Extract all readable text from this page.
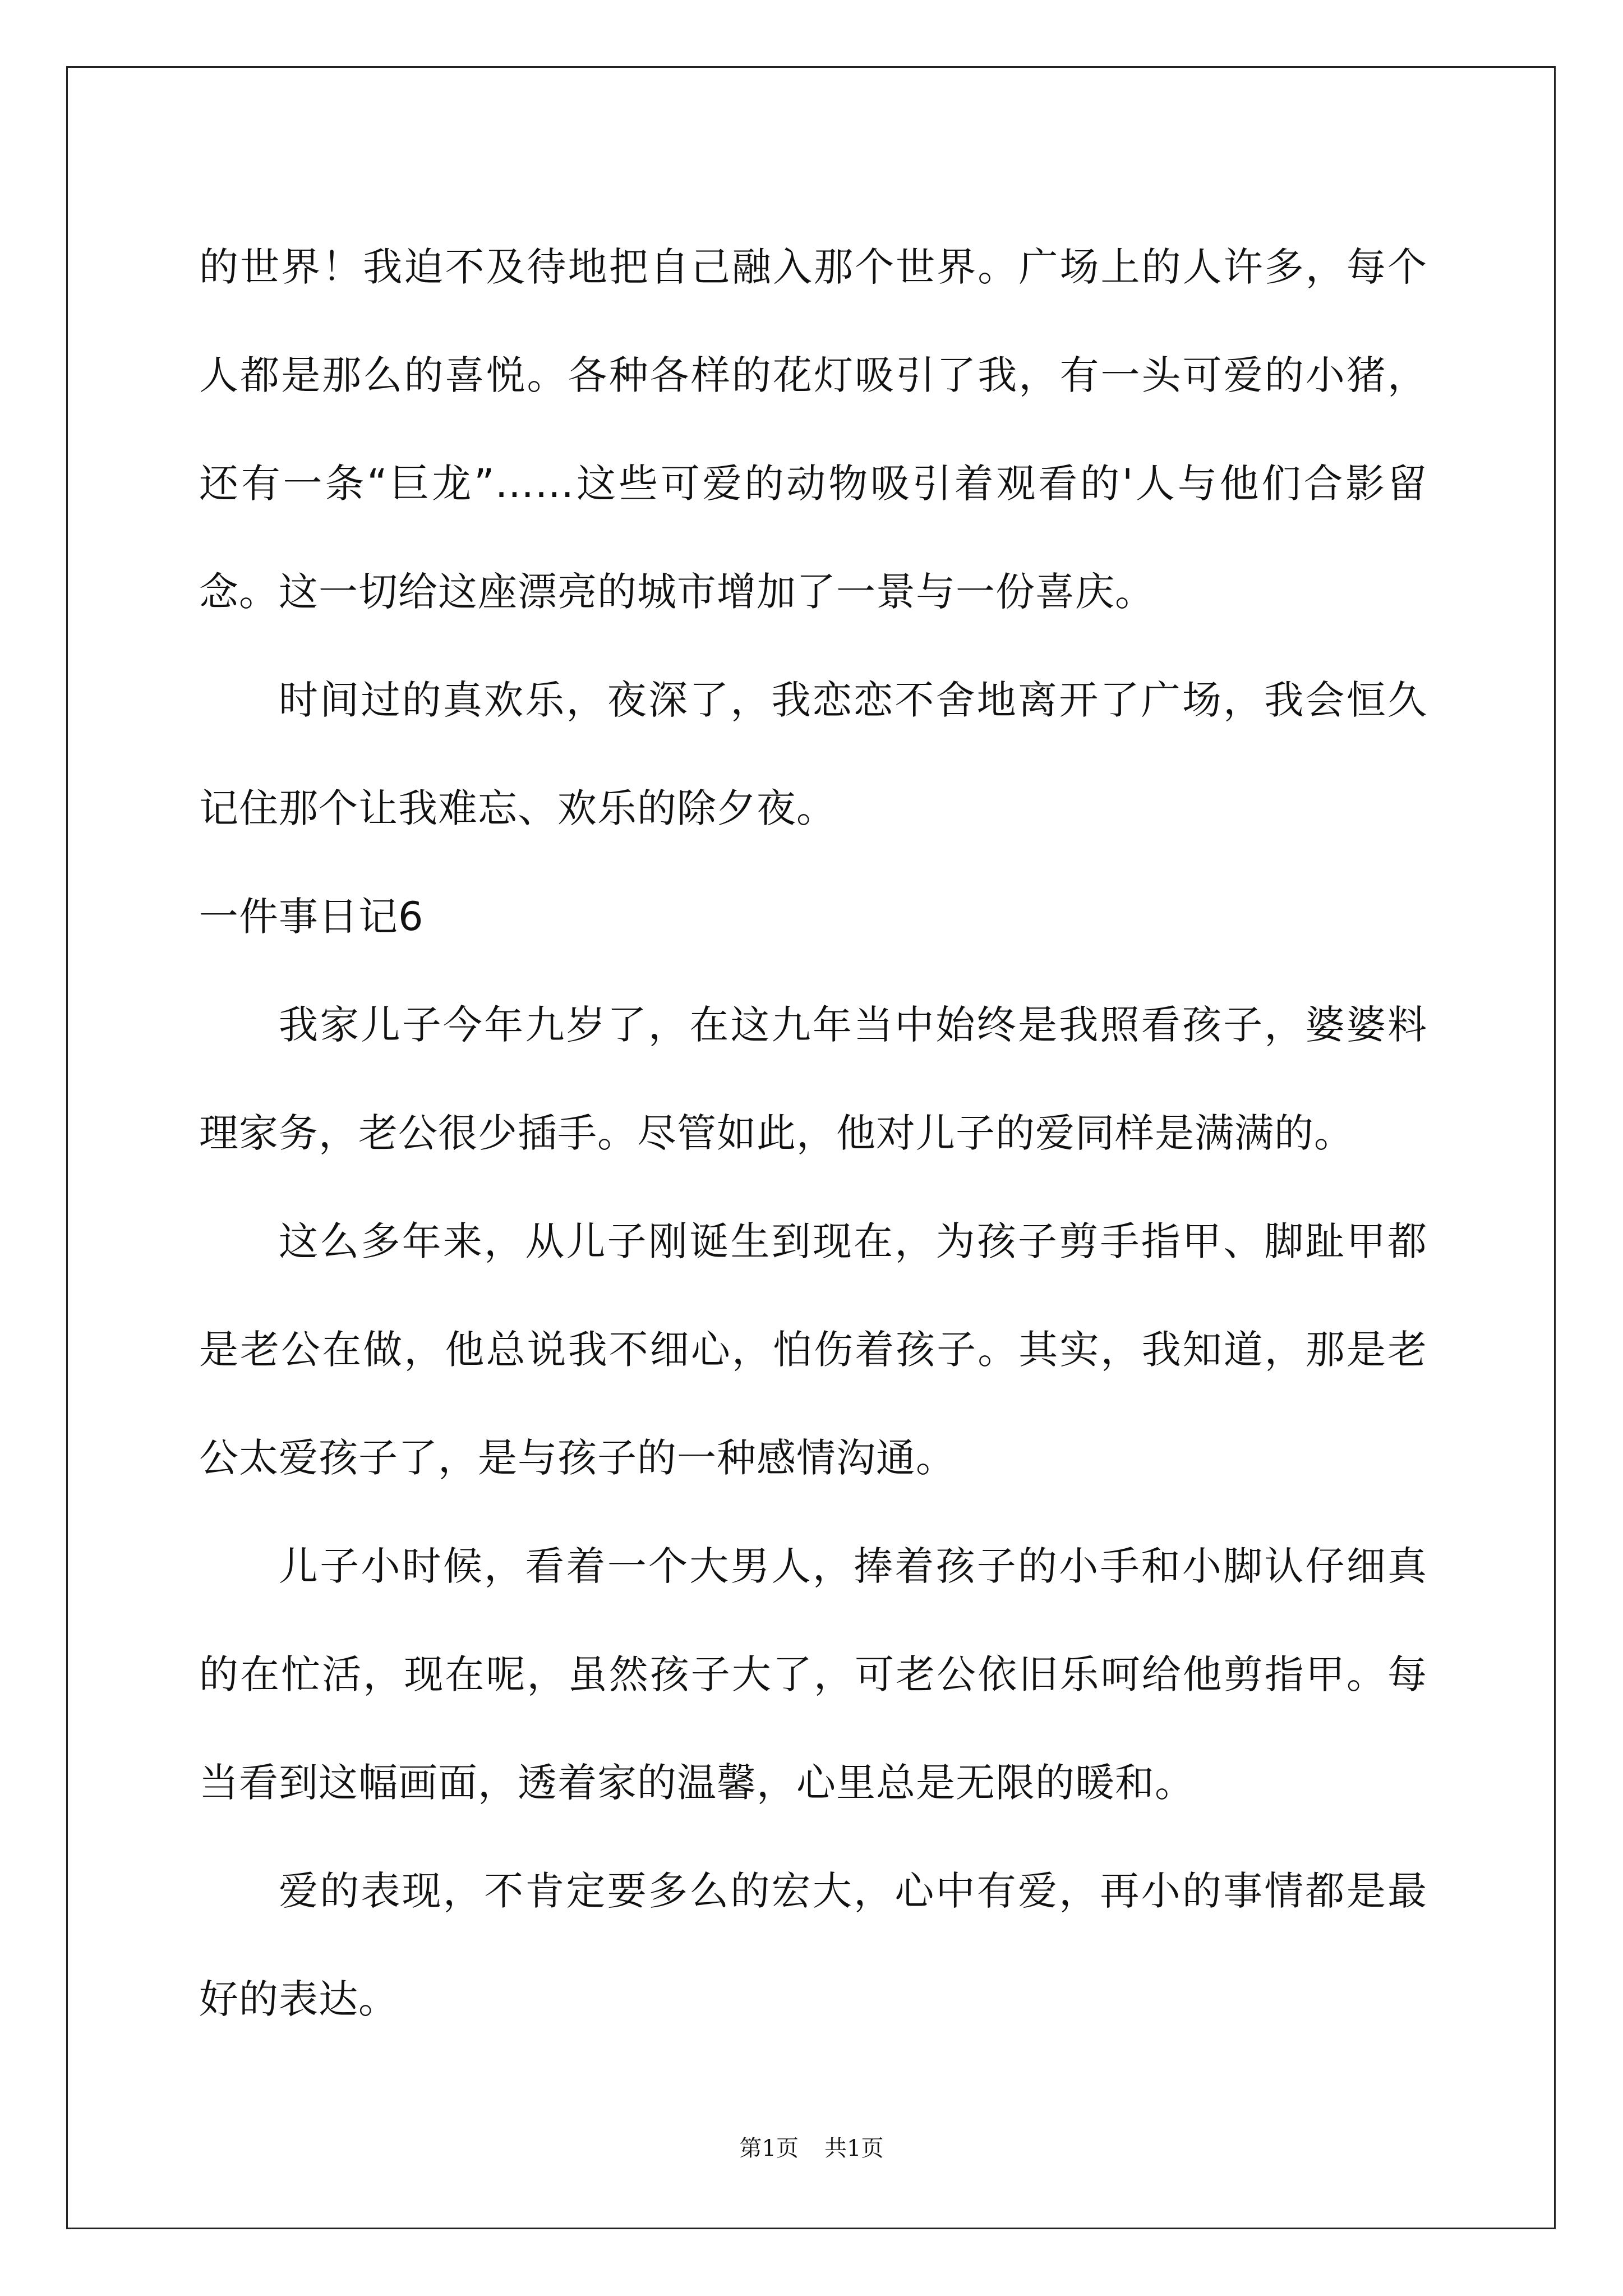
的世界！我迫不及待地把自己融入那个世界。广场上的人许多，每个人都是那么的喜悦。各种各样的花灯吸引了我，有一头可爱的小猪，还有一条“巨龙”……这些可爱的动物吸引着观看的'人与他们合影留念。这一切给这座漂亮的城市增加了一景与一份喜庆。

时间过的真欢乐，夜深了，我恋恋不舍地离开了广场，我会恒久记住那个让我难忘、欢乐的除夕夜。

一件事日记6

我家儿子今年九岁了，在这九年当中始终是我照看孩子，婆婆料理家务，老公很少插手。尽管如此，他对儿子的爱同样是满满的。

这么多年来，从儿子刚诞生到现在，为孩子剪手指甲、脚趾甲都是老公在做，他总说我不细心，怕伤着孩子。其实，我知道，那是老公太爱孩子了，是与孩子的一种感情沟通。

儿子小时候，看着一个大男人，捧着孩子的小手和小脚认仔细真的在忙活，现在呢，虽然孩子大了，可老公依旧乐呵给他剪指甲。每当看到这幅画面，透着家的温馨，心里总是无限的暖和。

爱的表现，不肯定要多么的宏大，心中有爱，再小的事情都是最好的表达。

第1页 共1页
